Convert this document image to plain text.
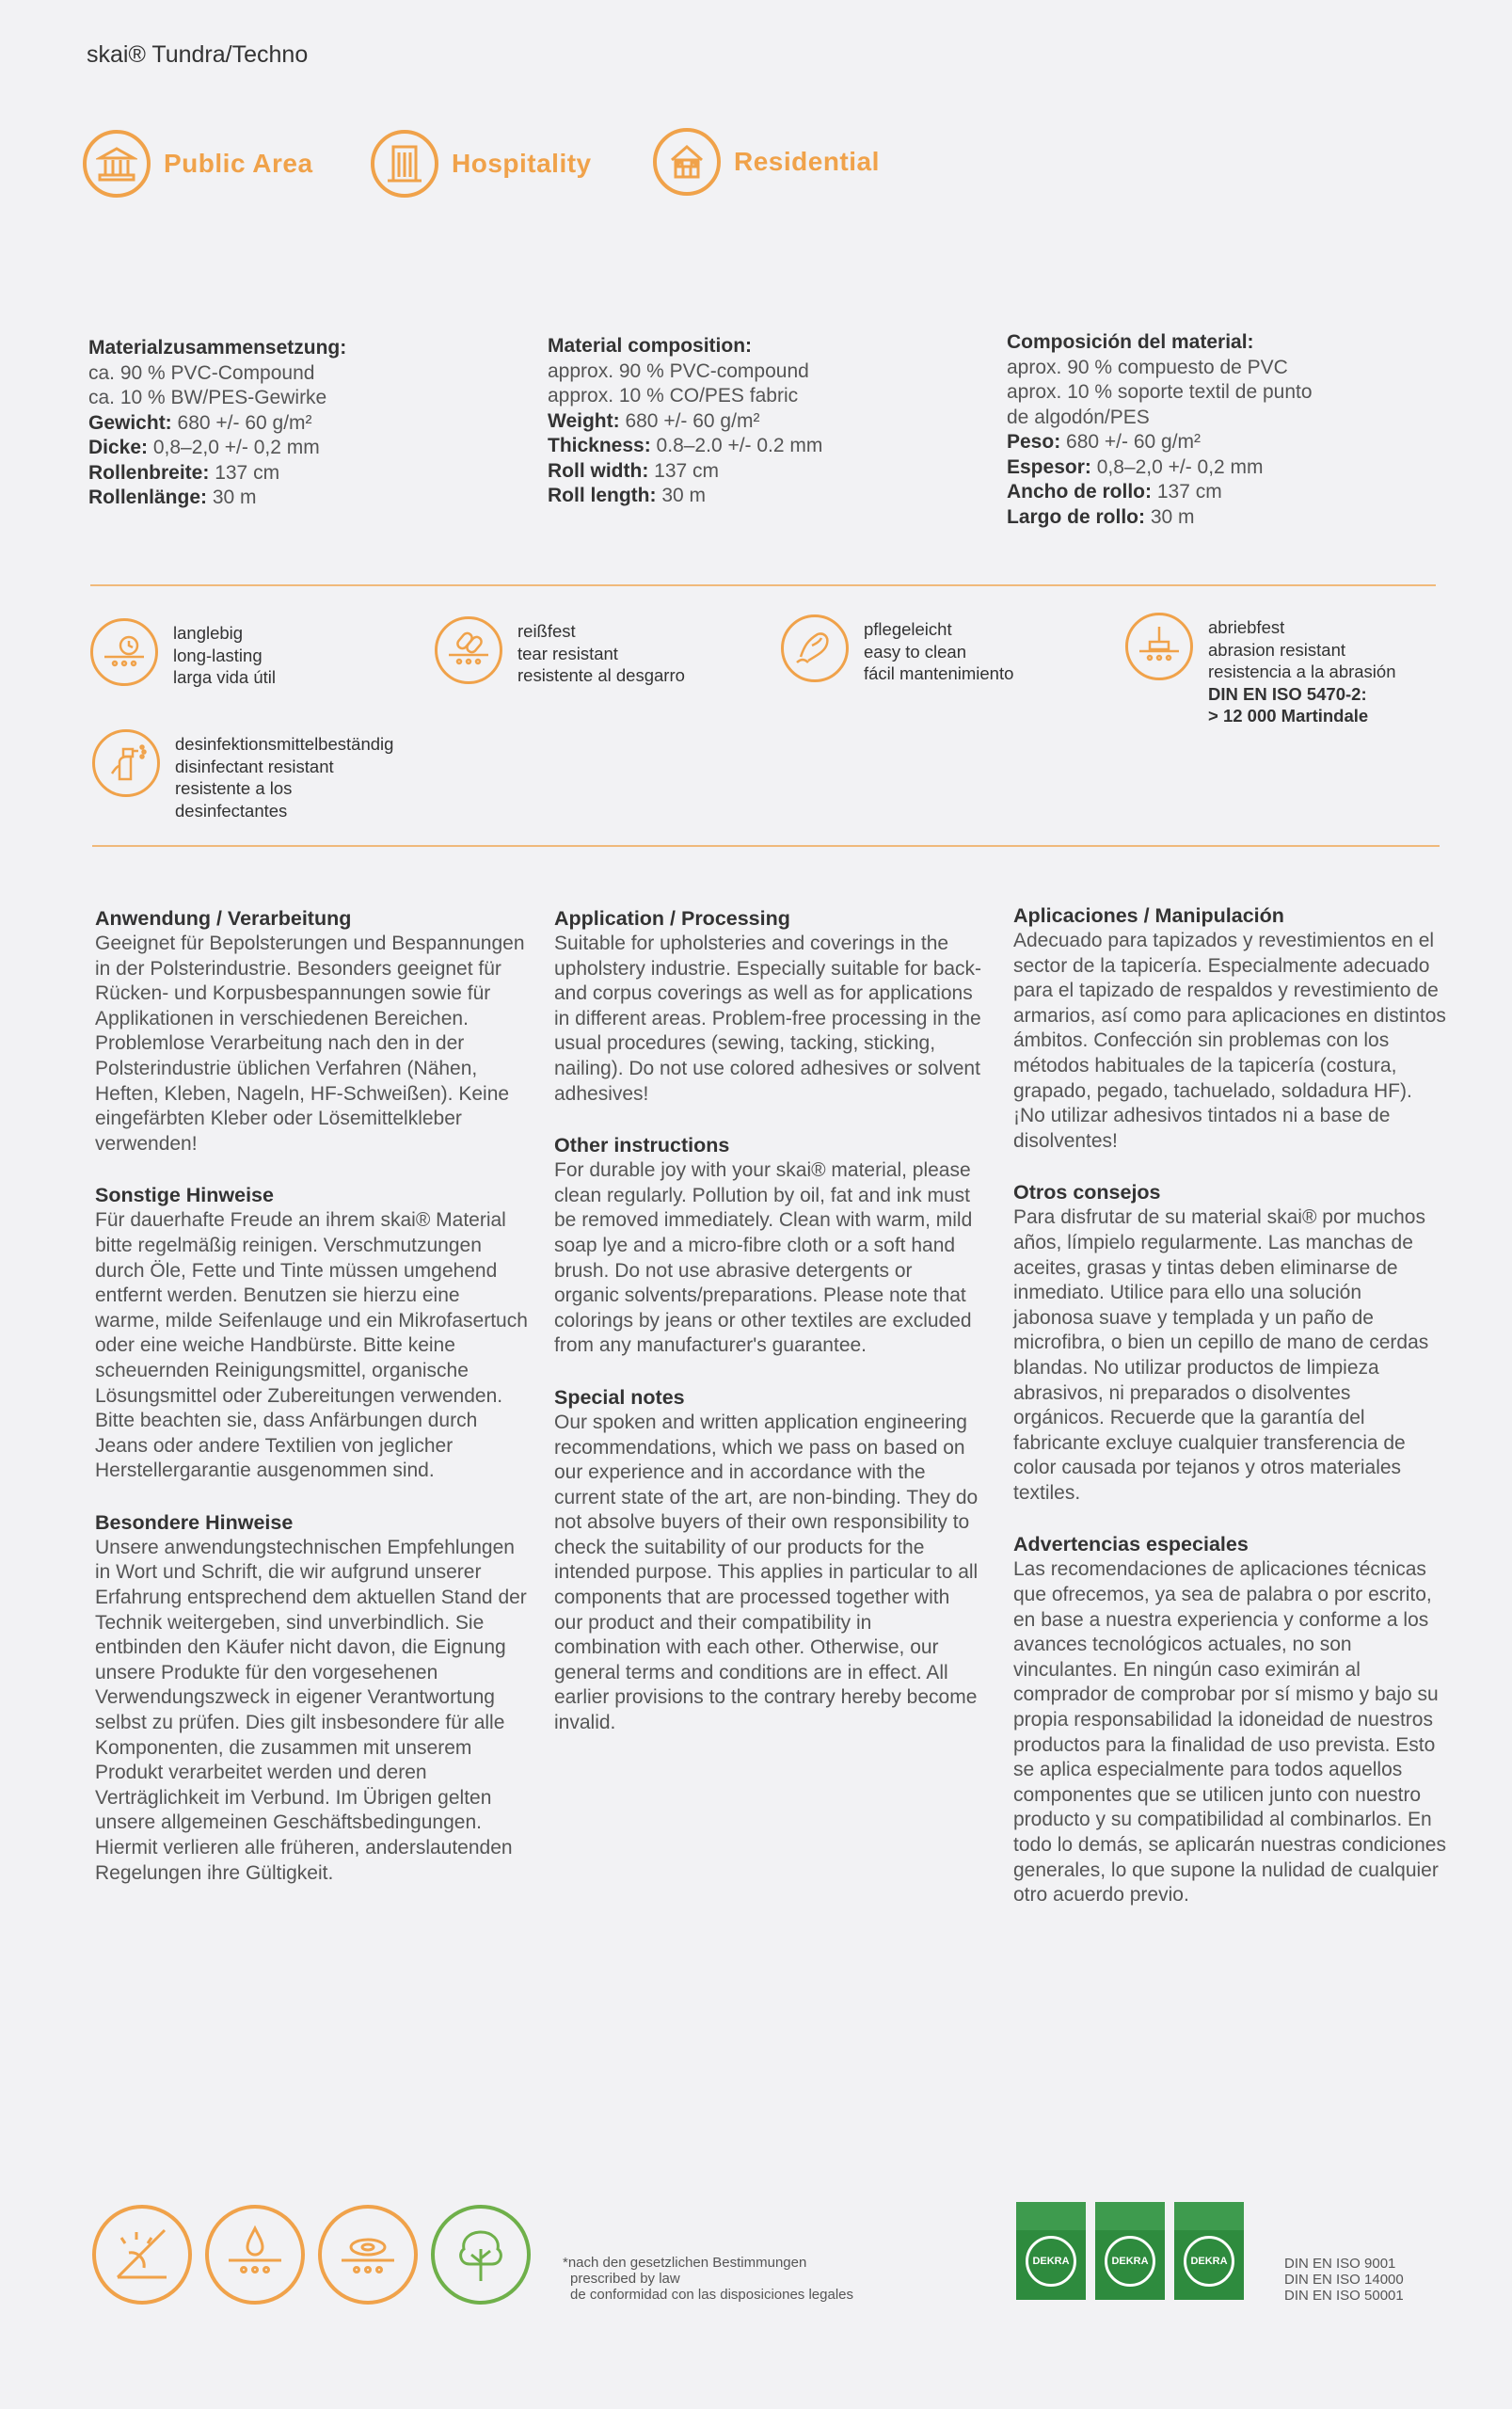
skai® Tundra/Techno
Public Area	Hospitality	Residential
Materialzusammensetzung:
ca. 90 % PVC-Compound
ca. 10 % BW/PES-Gewirke
Gewicht: 680 +/- 60 g/m²
Dicke: 0,8–2,0 +/- 0,2 mm
Rollenbreite: 137 cm
Rollenlänge: 30 m
Material composition:
approx. 90 % PVC-compound
approx. 10 % CO/PES fabric
Weight: 680 +/- 60 g/m²
Thickness: 0.8–2.0 +/- 0.2 mm
Roll width: 137 cm
Roll length: 30 m
Composición del material:
aprox. 90 % compuesto de PVC
aprox. 10 % soporte textil de punto
de algodón/PES
Peso: 680 +/- 60 g/m²
Espesor: 0,8–2,0 +/- 0,2 mm
Ancho de rollo: 137 cm
Largo de rollo: 30 m
langlebig
long-lasting
larga vida útil
reißfest
tear resistant
resistente al desgarro
pflegeleicht
easy to clean
fácil mantenimiento
abriebfest
abrasion resistant
resistencia a la abrasión
DIN EN ISO 5470-2:
> 12 000 Martindale
desinfektionsmittelbeständig
disinfectant resistant
resistente a los
desinfectantes
Anwendung / Verarbeitung

Geeignet für Bepolsterungen und Bespannungen in der Polsterindustrie. Besonders geeignet für Rücken- und Korpusbespannungen sowie für Applikationen in verschiedenen Bereichen. Problemlose Verarbeitung nach den in der Polsterindustrie üblichen Verfahren (Nähen, Heften, Kleben, Nageln, HF-Schweißen). Keine eingefärbten Kleber oder Lösemittelkleber verwenden!

Sonstige Hinweise

Für dauerhafte Freude an ihrem skai® Material bitte regelmäßig reinigen. Verschmutzungen durch Öle, Fette und Tinte müssen umgehend entfernt werden. Benutzen sie hierzu eine warme, milde Seifenlauge und ein Mikrofasertuch oder eine weiche Handbürste. Bitte keine scheuernden Reinigungsmittel, organische Lösungsmittel oder Zubereitungen verwenden. Bitte beachten sie, dass Anfärbungen durch Jeans oder andere Textilien von jeglicher Herstellergarantie ausgenommen sind.

Besondere Hinweise

Unsere anwendungstechnischen Empfehlungen in Wort und Schrift, die wir aufgrund unserer Erfahrung entsprechend dem aktuellen Stand der Technik weitergeben, sind unverbindlich. Sie entbinden den Käufer nicht davon, die Eignung unsere Produkte für den vorgesehenen Verwendungszweck in eigener Verantwortung selbst zu prüfen. Dies gilt insbesondere für alle Komponenten, die zusammen mit unserem Produkt verarbeitet werden und deren Verträglichkeit im Verbund. Im Übrigen gelten unsere allgemeinen Geschäftsbedingungen. Hiermit verlieren alle früheren, anderslautenden Regelungen ihre Gültigkeit.

Application / Processing

Suitable for upholsteries and coverings in the upholstery industrie. Especially suitable for back- and corpus coverings as well as for applications in different areas. Problem-free processing in the usual procedures (sewing, tacking, sticking, nailing). Do not use colored adhesives or solvent adhesives!

Other instructions

For durable joy with your skai® material, please clean regularly. Pollution by oil, fat and ink must be removed immediately. Clean with warm, mild soap lye and a micro-fibre cloth or a soft hand brush. Do not use abrasive detergents or organic solvents/preparations. Please note that colorings by jeans or other textiles are excluded from any manufacturer's guarantee.

Special notes

Our spoken and written application engineering recommendations, which we pass on based on our experience and in accordance with the current state of the art, are non-binding. They do not absolve buyers of their own responsibility to check the suitability of our products for the intended purpose. This applies in particular to all components that are processed together with our product and their compatibility in combination with each other. Otherwise, our general terms and conditions are in effect. All earlier provisions to the contrary hereby become invalid.

Aplicaciones / Manipulación

Adecuado para tapizados y revestimientos en el sector de la tapicería. Especialmente adecuado para el tapizado de respaldos y revestimiento de armarios, así como para aplicaciones en distintos ámbitos. Confección sin problemas con los métodos habituales de la tapicería (costura, grapado, pegado, tachuelado, soldadura HF). ¡No utilizar adhesivos tintados ni a base de disolventes!

Otros consejos

Para disfrutar de su material skai® por muchos años, límpielo regularmente. Las manchas de aceites, grasas y tintas deben eliminarse de inmediato. Utilice para ello una solución jabonosa suave y templada y un paño de microfibra, o bien un cepillo de mano de cerdas blandas. No utilizar productos de limpieza abrasivos, ni preparados o disolventes orgánicos. Recuerde que la garantía del fabricante excluye cualquier transferencia de color causada por tejanos y otros materiales textiles.

Advertencias especiales

Las recomendaciones de aplicaciones técnicas que ofrecemos, ya sea de palabra o por escrito, en base a nuestra experiencia y conforme a los avances tecnológicos actuales, no son vinculantes. En ningún caso eximirán al comprador de comprobar por sí mismo y bajo su propia responsabilidad la idoneidad de nuestros productos para la finalidad de uso prevista. Esto se aplica especialmente para todos aquellos componentes que se utilicen junto con nuestro producto y su compatibilidad al combinarlos. En todo lo demás, se aplicarán nuestras condiciones generales, lo que supone la nulidad de cualquier otro acuerdo previo.

*nach den gesetzlichen Bestimmungen
prescribed by law
de conformidad con las disposiciones legales
DEKRA	DEKRA	DEKRA	DIN EN ISO 9001
DIN EN ISO 14000
DIN EN ISO 50001
